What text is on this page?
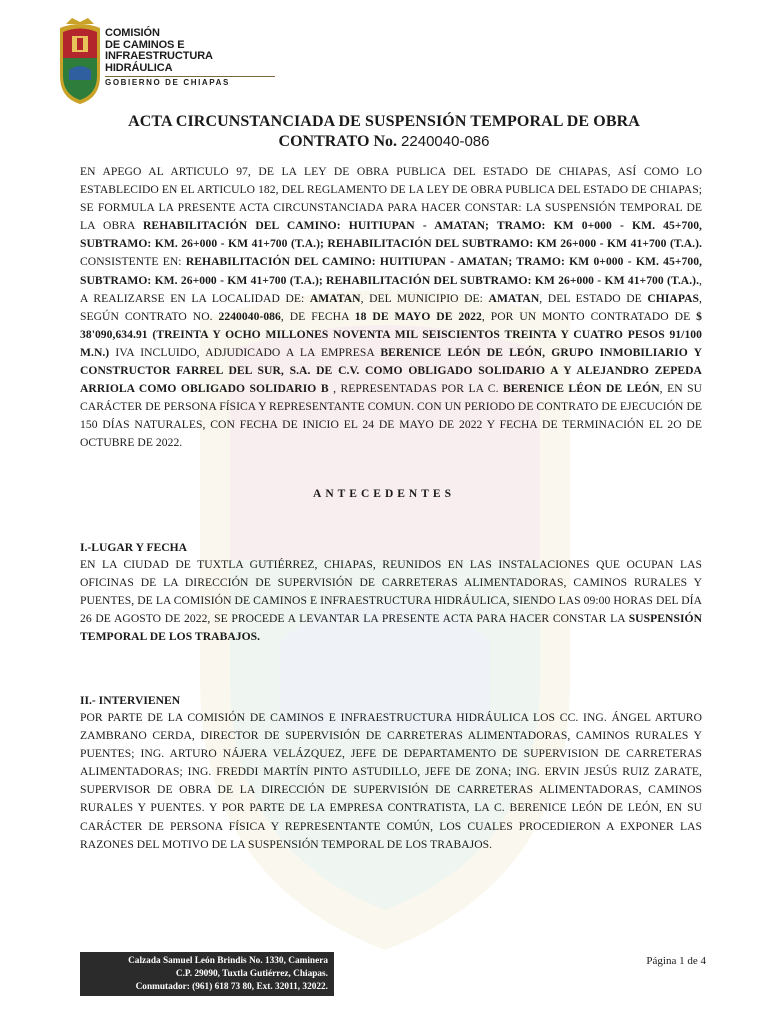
COMISIÓN
DE CAMINOS E
INFRAESTRUCTURA
HIDRÁULICA
GOBIERNO DE CHIAPAS
ACTA CIRCUNSTANCIADA DE SUSPENSIÓN TEMPORAL DE OBRA
CONTRATO No. 2240040-086
EN APEGO AL ARTICULO 97, DE LA LEY DE OBRA PUBLICA DEL ESTADO DE CHIAPAS, ASÍ COMO LO ESTABLECIDO EN EL ARTICULO 182, DEL REGLAMENTO DE LA LEY DE OBRA PUBLICA DEL ESTADO DE CHIAPAS; SE FORMULA LA PRESENTE ACTA CIRCUNSTANCIADA PARA HACER CONSTAR: LA SUSPENSIÓN TEMPORAL DE LA OBRA REHABILITACIÓN DEL CAMINO: HUITIUPAN - AMATAN; TRAMO: KM 0+000 - KM. 45+700, SUBTRAMO: KM. 26+000 - KM 41+700 (T.A.); REHABILITACIÓN DEL SUBTRAMO: KM 26+000 - KM 41+700 (T.A.). CONSISTENTE EN: REHABILITACIÓN DEL CAMINO: HUITIUPAN - AMATAN; TRAMO: KM 0+000 - KM. 45+700, SUBTRAMO: KM. 26+000 - KM 41+700 (T.A.); REHABILITACIÓN DEL SUBTRAMO: KM 26+000 - KM 41+700 (T.A.)., A REALIZARSE EN LA LOCALIDAD DE: AMATAN, DEL MUNICIPIO DE: AMATAN, DEL ESTADO DE CHIAPAS, SEGÚN CONTRATO NO. 2240040-086, DE FECHA 18 DE MAYO DE 2022, POR UN MONTO CONTRATADO DE $ 38'090,634.91 (TREINTA Y OCHO MILLONES NOVENTA MIL SEISCIENTOS TREINTA Y CUATRO PESOS 91/100 M.N.) IVA INCLUIDO, ADJUDICADO A LA EMPRESA BERENICE LEÓN DE LEÓN, GRUPO INMOBILIARIO Y CONSTRUCTOR FARREL DEL SUR, S.A. DE C.V. COMO OBLIGADO SOLIDARIO A Y ALEJANDRO ZEPEDA ARRIOLA COMO OBLIGADO SOLIDARIO B , REPRESENTADAS POR LA C. BERENICE LÉON DE LEÓN, EN SU CARÁCTER DE PERSONA FÍSICA Y REPRESENTANTE COMUN. CON UN PERIODO DE CONTRATO DE EJECUCIÓN DE 150 DÍAS NATURALES, CON FECHA DE INICIO EL 24 DE MAYO DE 2022 Y FECHA DE TERMINACIÓN EL 2O DE OCTUBRE DE 2022.
ANTECEDENTES
I.-LUGAR Y FECHA
EN LA CIUDAD DE TUXTLA GUTIÉRREZ, CHIAPAS, REUNIDOS EN LAS INSTALACIONES QUE OCUPAN LAS OFICINAS DE LA DIRECCIÓN DE SUPERVISIÓN DE CARRETERAS ALIMENTADORAS, CAMINOS RURALES Y PUENTES, DE LA COMISIÓN DE CAMINOS E INFRAESTRUCTURA HIDRÁULICA, SIENDO LAS 09:00 HORAS DEL DÍA 26 DE AGOSTO DE 2022, SE PROCEDE A LEVANTAR LA PRESENTE ACTA PARA HACER CONSTAR LA SUSPENSIÓN TEMPORAL DE LOS TRABAJOS.
II.- INTERVIENEN
POR PARTE DE LA COMISIÓN DE CAMINOS E INFRAESTRUCTURA HIDRÁULICA LOS CC. ING. ÁNGEL ARTURO ZAMBRANO CERDA, DIRECTOR DE SUPERVISIÓN DE CARRETERAS ALIMENTADORAS, CAMINOS RURALES Y PUENTES; ING. ARTURO NÁJERA VELÁZQUEZ, JEFE DE DEPARTAMENTO DE SUPERVISION DE CARRETERAS ALIMENTADORAS; ING. FREDDI MARTÍN PINTO ASTUDILLO, JEFE DE ZONA; ING. ERVIN JESÚS RUIZ ZARATE, SUPERVISOR DE OBRA DE LA DIRECCIÓN DE SUPERVISIÓN DE CARRETERAS ALIMENTADORAS, CAMINOS RURALES Y PUENTES. Y POR PARTE DE LA EMPRESA CONTRATISTA, LA C. BERENICE LEÓN DE LEÓN, EN SU CARÁCTER DE PERSONA FÍSICA Y REPRESENTANTE COMÚN, LOS CUALES PROCEDIERON A EXPONER LAS RAZONES DEL MOTIVO DE LA SUSPENSIÓN TEMPORAL DE LOS TRABAJOS.
Calzada Samuel León Brindis No. 1330, Caminera
C.P. 29090, Tuxtla Gutiérrez, Chiapas.
Conmutador: (961) 618 73 80, Ext. 32011, 32022.
Página 1 de 4
